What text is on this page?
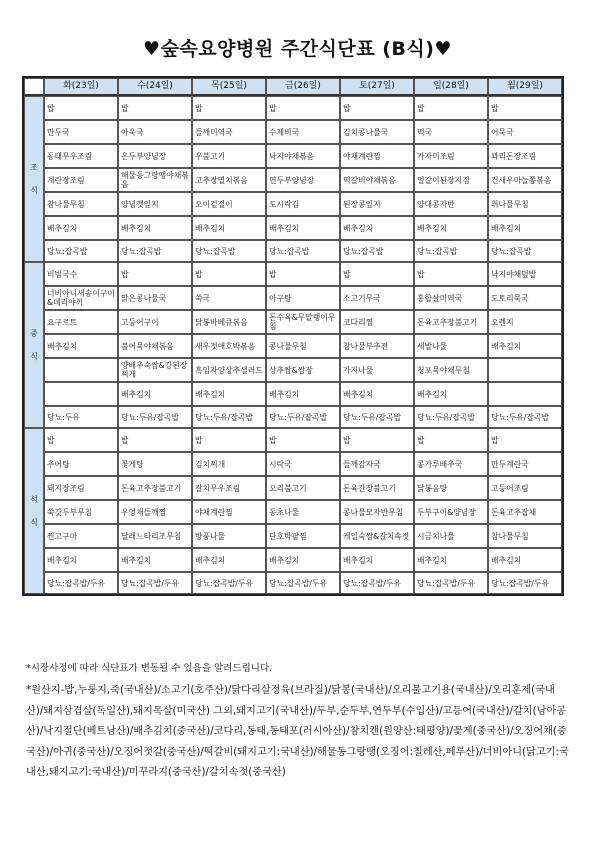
♥숲속요양병원 주간식단표 (B식)♥
	화(23일)	수(24일)	목(25일)	금(26일)	토(27일)	일(28일)	월(29일)

조
식	밥	밥	밥	밥	밥	밥	밥
	만두국	아욱국	들깨미역국	수제비국	김치콩나물국	떡국	어묵국
	동태무우조림	온두부양념장	우불고기	낙지야채볶음	야채계란찜	가자미조림	꽈리돈장조림
	계란장조림	해물동그랑땡야채볶음	고추장멸치볶음	연두부양념장	떡갈비야채볶음	얼갈이된장지짐	건새우마늘쫑볶음
	참나물무침	양념깻잎지	오이겉절이	도시락김	된장콩잎지	양대콩자반	취나물무침
	배추김치	배추김치	배추김치	배추김치	배추김치	배추김치	배추김치
	당뇨:잡곡밥	당뇨:잡곡밥	당뇨:잡곡밥	당뇨:잡곡밥	당뇨:잡곡밥	당뇨:잡곡밥	당뇨:잡곡밥

중
식	비빔국수	밥	밥	밥	밥	밥	낙지야채덮밥
	너비아니새송이구이&데리야끼	맑은콩나물국	쑥국	아구탕	소고기무국	홍합살미역국	도토리묵국
	요구르트	고등어구이	닭봉바베큐볶음	돈수육&무말랭이무침	코다리찜	돈육고추장불고기	오렌지
	배추김치	불어묵야채볶음	새우젓애호박볶음	콩나물무침	참나물부추전	세발나물	배추김치
		양배추숙쌈&강된장찌개	흑임자양상추샐러드	상추쌈&쌈장	가지나물	청포묵야채무침	
		배추김치	배추김치	배추김치	배추김치	배추김치	
	당뇨:두유	당뇨:두유/잡곡밥	당뇨:두유/잡곡밥	당뇨:두유/잡곡밥	당뇨:두유/잡곡밥	당뇨:두유/잡곡밥	당뇨:두유/잡곡밥

석
식	밥	밥	밥	밥	밥	밥	밥
	추어탕	꽃게탕	김치찌개	시락국	들깨감자국	콩가루배추국	만두계란국
	돼지장조림	돈육고추장불고기	갈치무우조림	오리불고기	돈육간장불고기	닭봉음탕	고등어조림
	쑥갓두부무침	우엉채들깨찜	야채계란찜	동초나물	콩나물모자반무침	두부구이&양념장	돈육고추잡채
	찐고구마	달래느타리조무침	방풍나물	단호박팥찜	케일숙쌈&갈치속젓	시금치나물	참나물무침
	배추김치	배추김치	배추김치	배추김치	배추김치	배추김치	배추김치
	당뇨:잡곡밥/두유	당뇨:잡곡밥/두유	당뇨:잡곡밥/두유	당뇨:잡곡밥/두유	당뇨:잡곡밥/두유	당뇨:잡곡밥/두유	당뇨:잡곡밥/두유
*시장사정에 따라 식단표가 변동될 수 있음을 알려드립니다.
*원산지-밥,누룽지,죽(국내산)/소고기(호주산)/닭다리살정육(브라질)/닭봉(국내산)/오리불고기용(국내산)/오리훈제(국내산)/돼지삼겹살(독일산),돼지목살(미국산) 그외,돼지고기(국내산)/두부,순두부,연두부(수입산)/고등어(국내산)/갈치(남아공산)/낙지절단(베트남산)/배추김치(중국산)/코다리,동태,동태포(러시아산)/참치캔(원양산:태평양)/꽃게(중국산)/오징어채(중국산)/아귀(중국산)/오징어젓갈(중국산)/떡갈비(돼지고기:국내산)/해물동그랑땡(오징어:칠레산,페루산)/너비아니(닭고기:국내산,돼지고기:국내산)/미꾸라지(중국산)/갈치속젓(중국산)
